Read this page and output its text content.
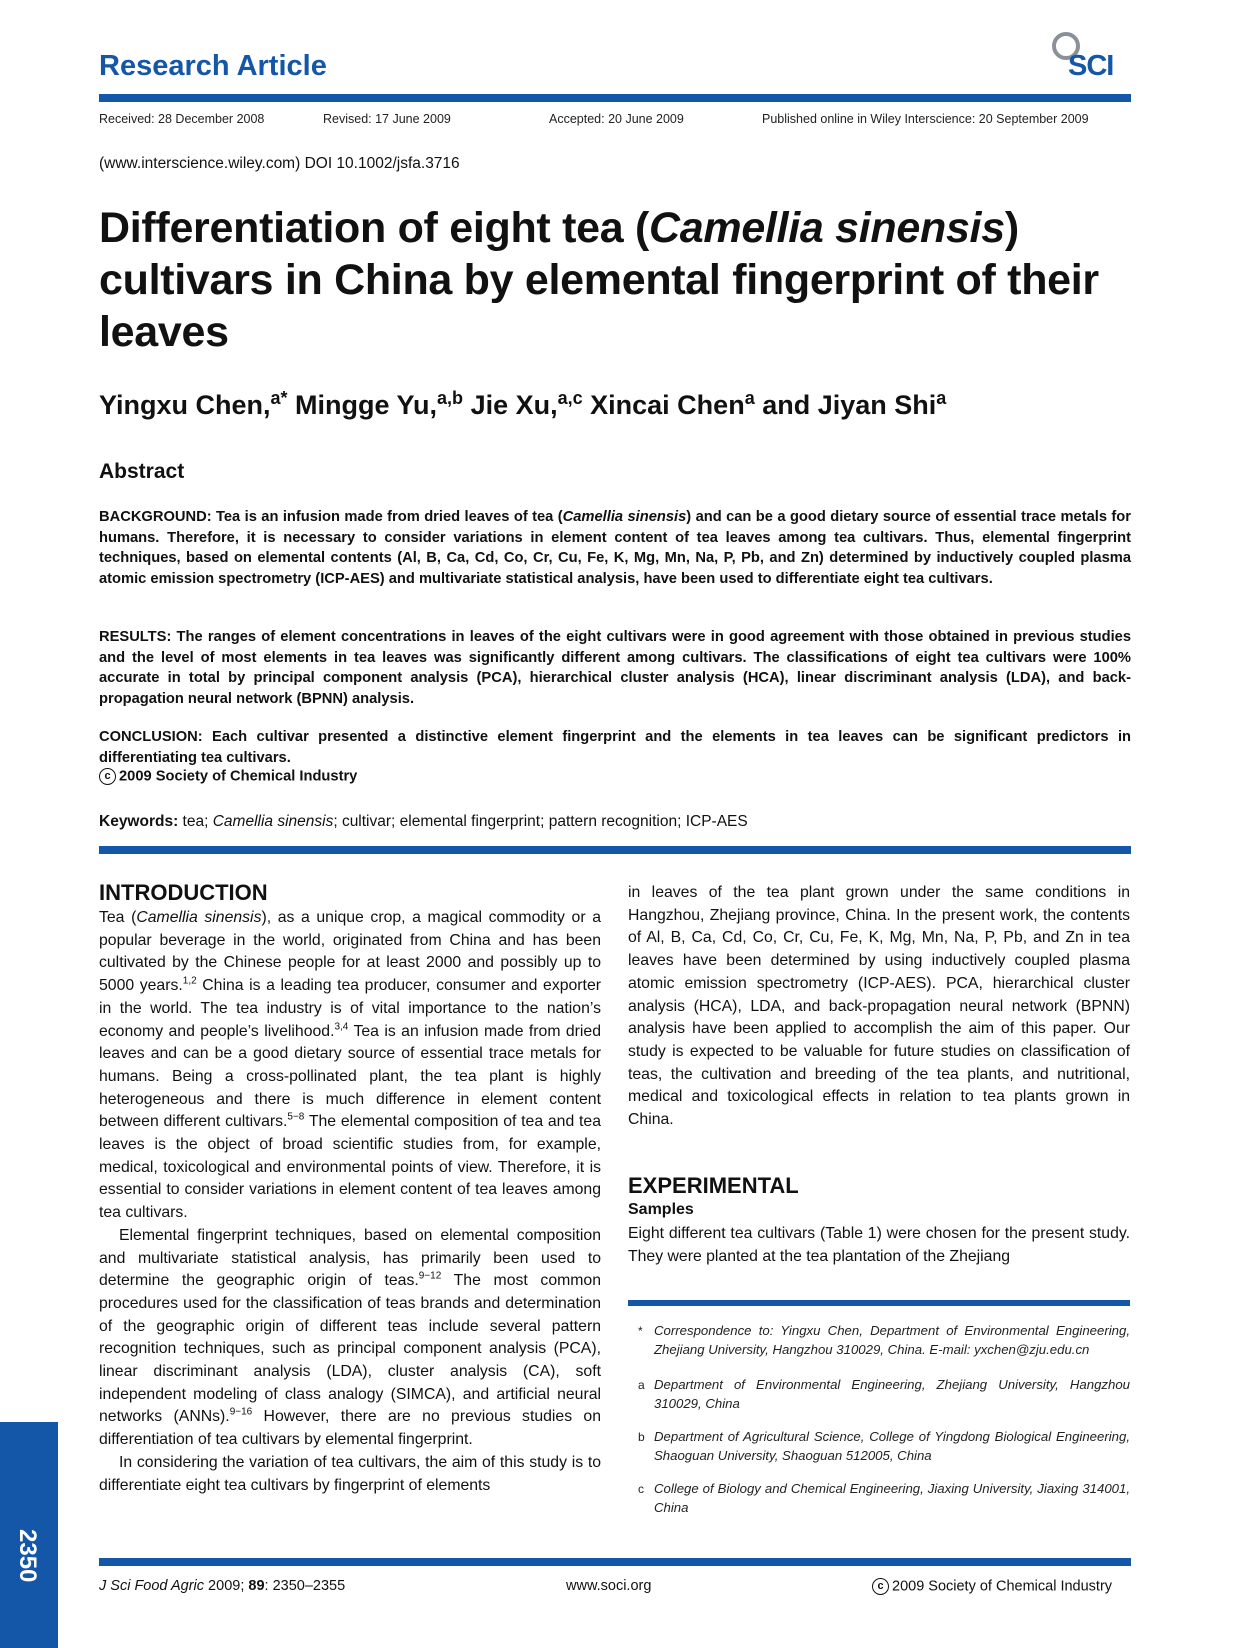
Research Article	SCI
Received: 28 December 2008	Revised: 17 June 2009	Accepted: 20 June 2009	Published online in Wiley Interscience: 20 September 2009
(www.interscience.wiley.com) DOI 10.1002/jsfa.3716
Differentiation of eight tea (Camellia sinensis) cultivars in China by elemental fingerprint of their leaves
Yingxu Chen,$^{a*}$ Mingge Yu,$^{a,b}$ Jie Xu,$^{a,c}$ Xincai Chen$^a$ and Jiyan Shi$^a$
Abstract
BACKGROUND: Tea is an infusion made from dried leaves of tea (Camellia sinensis) and can be a good dietary source of essential trace metals for humans. Therefore, it is necessary to consider variations in element content of tea leaves among tea cultivars. Thus, elemental fingerprint techniques, based on elemental contents (Al, B, Ca, Cd, Co, Cr, Cu, Fe, K, Mg, Mn, Na, P, Pb, and Zn) determined by inductively coupled plasma atomic emission spectrometry (ICP-AES) and multivariate statistical analysis, have been used to differentiate eight tea cultivars.
RESULTS: The ranges of element concentrations in leaves of the eight cultivars were in good agreement with those obtained in previous studies and the level of most elements in tea leaves was significantly different among cultivars. The classifications of eight tea cultivars were 100% accurate in total by principal component analysis (PCA), hierarchical cluster analysis (HCA), linear discriminant analysis (LDA), and back-propagation neural network (BPNN) analysis.
CONCLUSION: Each cultivar presented a distinctive element fingerprint and the elements in tea leaves can be significant predictors in differentiating tea cultivars.
c 2009 Society of Chemical Industry
Keywords: tea; Camellia sinensis; cultivar; elemental fingerprint; pattern recognition; ICP-AES
INTRODUCTION

Tea (Camellia sinensis), as a unique crop, a magical commodity or a popular beverage in the world, originated from China and has been cultivated by the Chinese people for at least 2000 and possibly up to 5000 years.$^{1,2}$ China is a leading tea producer, consumer and exporter in the world. The tea industry is of vital importance to the nation’s economy and people’s livelihood.$^{3,4}$ Tea is an infusion made from dried leaves and can be a good dietary source of essential trace metals for humans. Being a cross-pollinated plant, the tea plant is highly heterogeneous and there is much difference in element content between different cultivars.$^{5-8}$ The elemental composition of tea and tea leaves is the object of broad scientific studies from, for example, medical, toxicological and environmental points of view. Therefore, it is essential to consider variations in element content of tea leaves among tea cultivars.

Elemental fingerprint techniques, based on elemental composition and multivariate statistical analysis, has primarily been used to determine the geographic origin of teas.$^{9-12}$ The most common procedures used for the classification of teas brands and determination of the geographic origin of different teas include several pattern recognition techniques, such as principal component analysis (PCA), linear discriminant analysis (LDA), cluster analysis (CA), soft independent modeling of class analogy (SIMCA), and artificial neural networks (ANNs).$^{9-16}$ However, there are no previous studies on differentiation of tea cultivars by elemental fingerprint.

In considering the variation of tea cultivars, the aim of this study is to differentiate eight tea cultivars by fingerprint of elements

in leaves of the tea plant grown under the same conditions in Hangzhou, Zhejiang province, China. In the present work, the contents of Al, B, Ca, Cd, Co, Cr, Cu, Fe, K, Mg, Mn, Na, P, Pb, and Zn in tea leaves have been determined by using inductively coupled plasma atomic emission spectrometry (ICP-AES). PCA, hierarchical cluster analysis (HCA), LDA, and back-propagation neural network (BPNN) analysis have been applied to accomplish the aim of this paper. Our study is expected to be valuable for future studies on classification of teas, the cultivation and breeding of the tea plants, and nutritional, medical and toxicological effects in relation to tea plants grown in China.

EXPERIMENTAL
Samples

Eight different tea cultivars (Table 1) were chosen for the present study. They were planted at the tea plantation of the Zhejiang

* Correspondence to: Yingxu Chen, Department of Environmental Engineering, Zhejiang University, Hangzhou 310029, China. E-mail: yxchen@zju.edu.cn
a Department of Environmental Engineering, Zhejiang University, Hangzhou 310029, China
b Department of Agricultural Science, College of Yingdong Biological Engineering, Shaoguan University, Shaoguan 512005, China
c College of Biology and Chemical Engineering, Jiaxing University, Jiaxing 314001, China
2350
J Sci Food Agric 2009; 89: 2350–2355	www.soci.org	c 2009 Society of Chemical Industry
